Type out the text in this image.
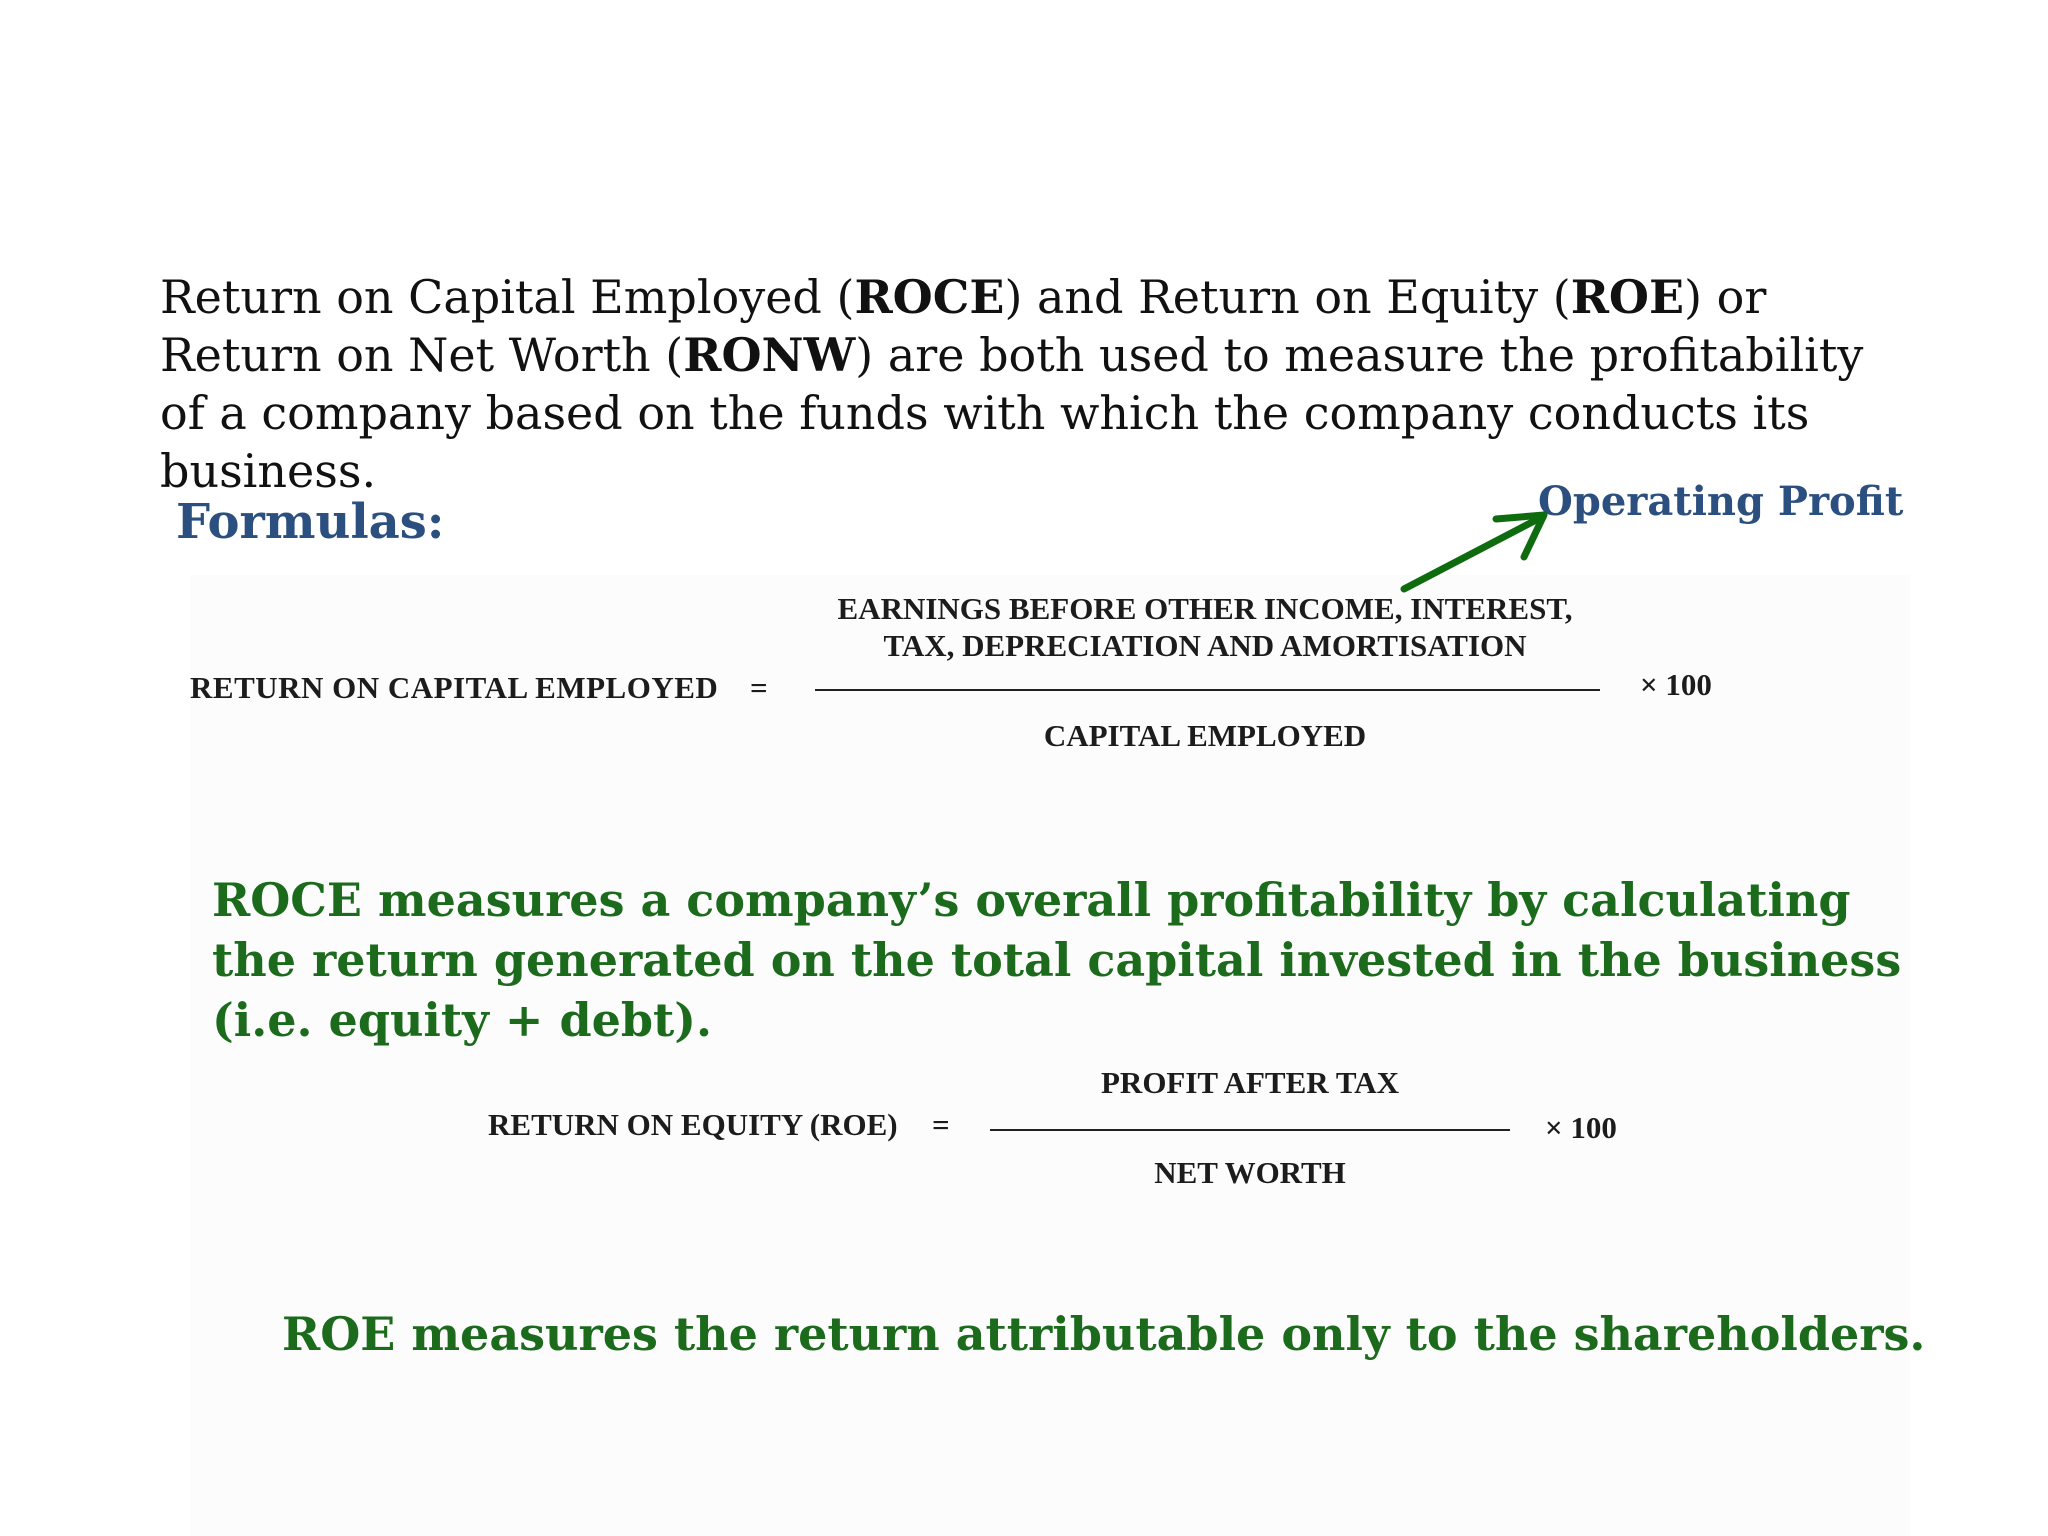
Return on Capital Employed (ROCE) and Return on Equity (ROE) or Return on Net Worth (RONW) are both used to measure the profitability of a company based on the funds with which the company conducts its business.

Formulas:	Operating Profit
RETURN ON CAPITAL EMPLOYED =
EARNINGS BEFORE OTHER INCOME, INTEREST,
TAX, DEPRECIATION AND AMORTISATION
CAPITAL EMPLOYED
× 100
ROCE measures a company’s overall profitability by calculating the return generated on the total capital invested in the business (i.e. equity + debt).
RETURN ON EQUITY (ROE) =
PROFIT AFTER TAX
NET WORTH
× 100
ROE measures the return attributable only to the shareholders.
